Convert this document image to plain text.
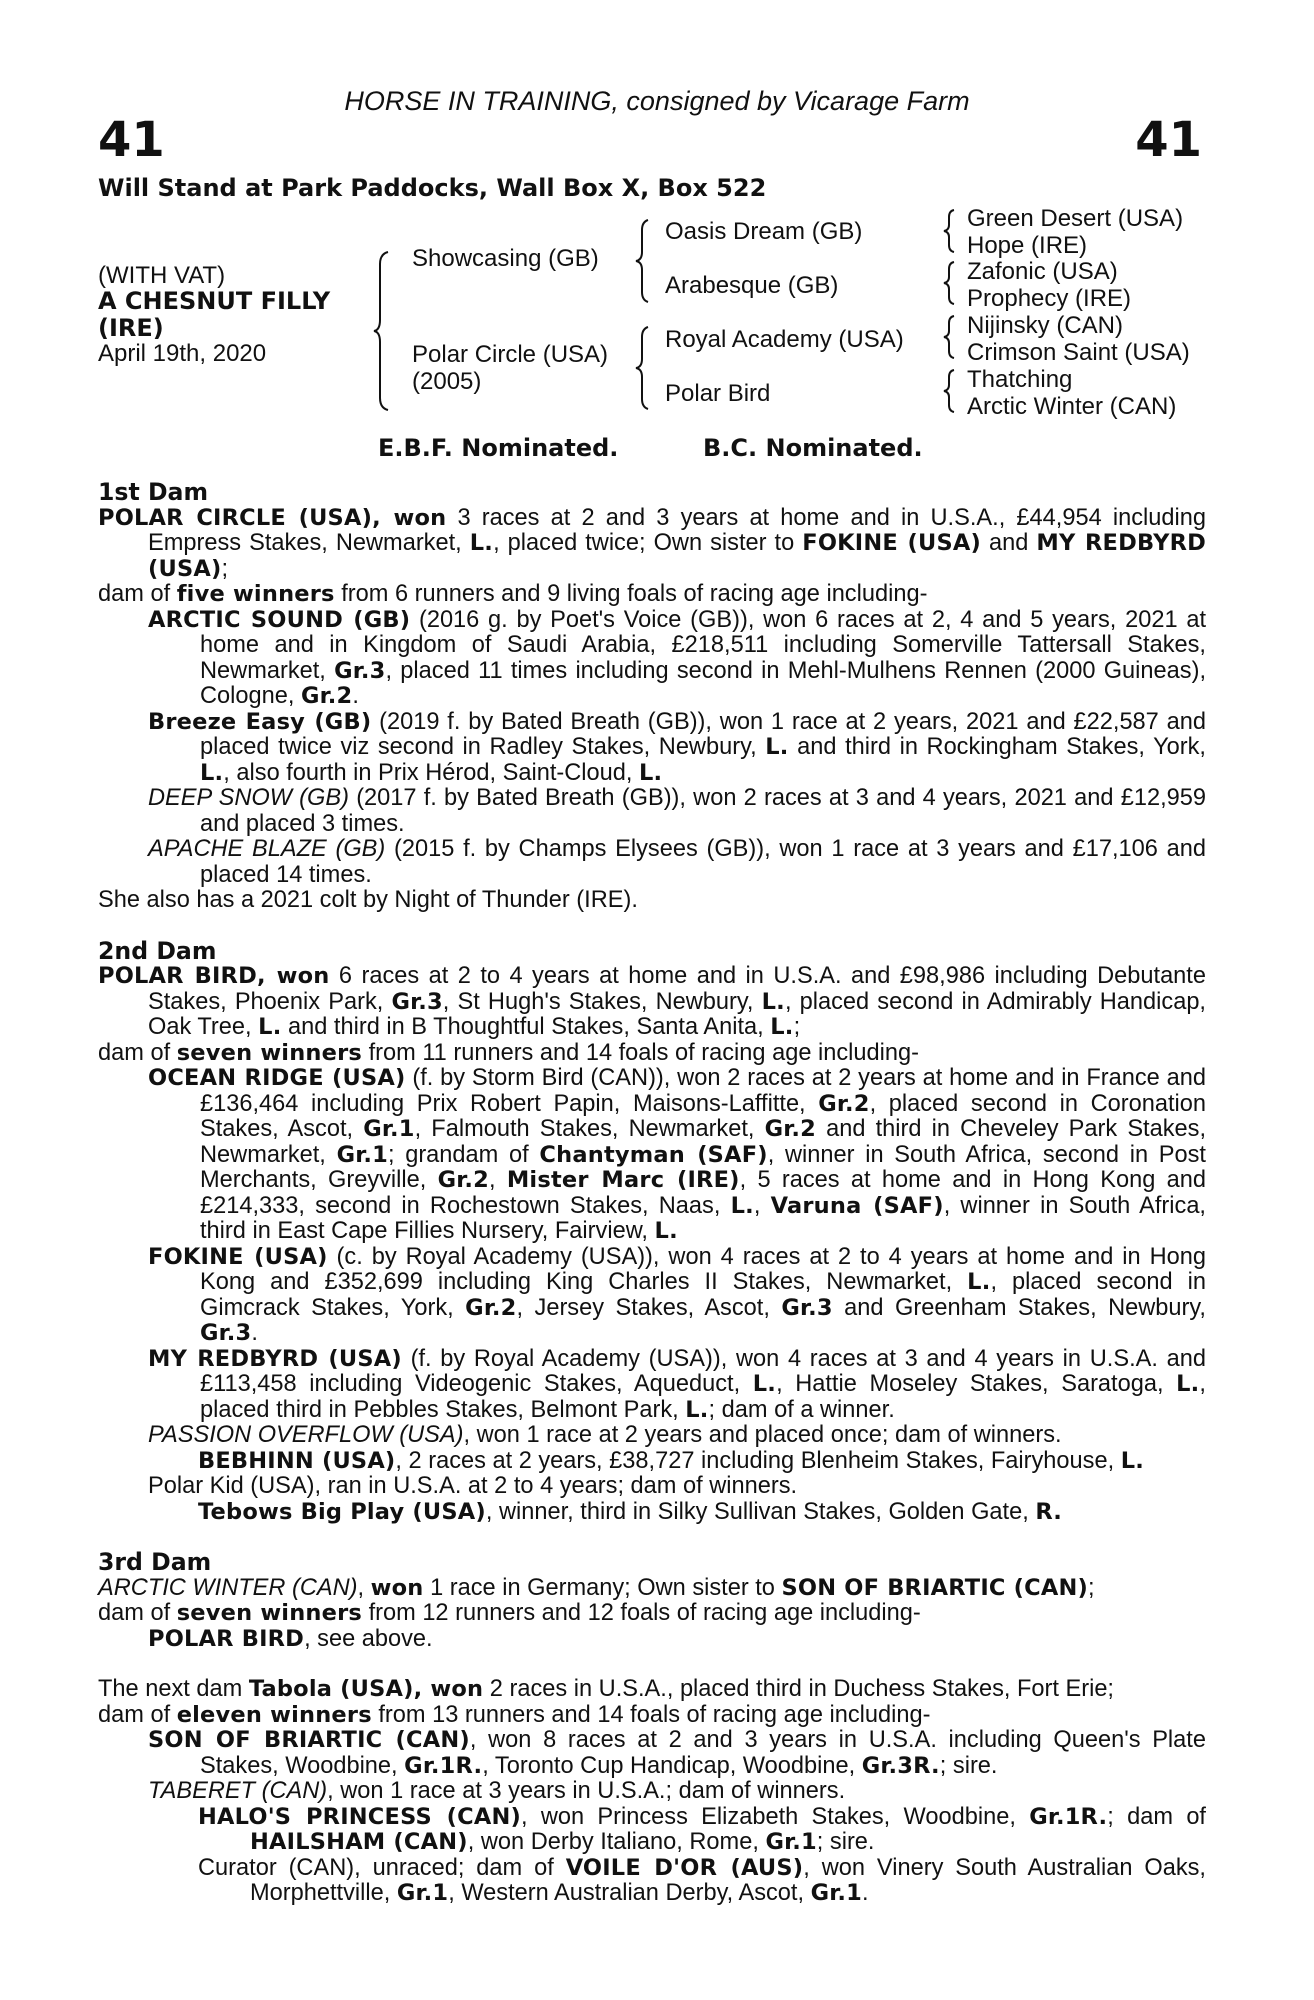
HORSE IN TRAINING, consigned by Vicarage Farm
41	41
Will Stand at Park Paddocks, Wall Box X, Box 522
(WITH VAT)
A CHESNUT FILLY
(IRE)
April 19th, 2020
Showcasing (GB)
Polar Circle (USA)
(2005)
Oasis Dream (GB)
Arabesque (GB)
Royal Academy (USA)
Polar Bird
Green Desert (USA)
Hope (IRE)
Zafonic (USA)
Prophecy (IRE)
Nijinsky (CAN)
Crimson Saint (USA)
Thatching
Arctic Winter (CAN)
E.B.F. Nominated.	B.C. Nominated.
1st Dam
POLAR CIRCLE (USA), won 3 races at 2 and 3 years at home and in U.S.A., £44,954 including Empress Stakes, Newmarket, L., placed twice; Own sister to FOKINE (USA) and MY REDBYRD (USA);
dam of five winners from 6 runners and 9 living foals of racing age including-
ARCTIC SOUND (GB) (2016 g. by Poet's Voice (GB)), won 6 races at 2, 4 and 5 years, 2021 at home and in Kingdom of Saudi Arabia, £218,511 including Somerville Tattersall Stakes, Newmarket, Gr.3, placed 11 times including second in Mehl-Mulhens Rennen (2000 Guineas), Cologne, Gr.2.
Breeze Easy (GB) (2019 f. by Bated Breath (GB)), won 1 race at 2 years, 2021 and £22,587 and placed twice viz second in Radley Stakes, Newbury, L. and third in Rockingham Stakes, York, L., also fourth in Prix Hérod, Saint-Cloud, L.
DEEP SNOW (GB) (2017 f. by Bated Breath (GB)), won 2 races at 3 and 4 years, 2021 and £12,959 and placed 3 times.
APACHE BLAZE (GB) (2015 f. by Champs Elysees (GB)), won 1 race at 3 years and £17,106 and placed 14 times.
She also has a 2021 colt by Night of Thunder (IRE).
2nd Dam
POLAR BIRD, won 6 races at 2 to 4 years at home and in U.S.A. and £98,986 including Debutante Stakes, Phoenix Park, Gr.3, St Hugh's Stakes, Newbury, L., placed second in Admirably Handicap, Oak Tree, L. and third in B Thoughtful Stakes, Santa Anita, L.;
dam of seven winners from 11 runners and 14 foals of racing age including-
OCEAN RIDGE (USA) (f. by Storm Bird (CAN)), won 2 races at 2 years at home and in France and £136,464 including Prix Robert Papin, Maisons-Laffitte, Gr.2, placed second in Coronation Stakes, Ascot, Gr.1, Falmouth Stakes, Newmarket, Gr.2 and third in Cheveley Park Stakes, Newmarket, Gr.1; grandam of Chantyman (SAF), winner in South Africa, second in Post Merchants, Greyville, Gr.2, Mister Marc (IRE), 5 races at home and in Hong Kong and £214,333, second in Rochestown Stakes, Naas, L., Varuna (SAF), winner in South Africa, third in East Cape Fillies Nursery, Fairview, L.
FOKINE (USA) (c. by Royal Academy (USA)), won 4 races at 2 to 4 years at home and in Hong Kong and £352,699 including King Charles II Stakes, Newmarket, L., placed second in Gimcrack Stakes, York, Gr.2, Jersey Stakes, Ascot, Gr.3 and Greenham Stakes, Newbury, Gr.3.
MY REDBYRD (USA) (f. by Royal Academy (USA)), won 4 races at 3 and 4 years in U.S.A. and £113,458 including Videogenic Stakes, Aqueduct, L., Hattie Moseley Stakes, Saratoga, L., placed third in Pebbles Stakes, Belmont Park, L.; dam of a winner.
PASSION OVERFLOW (USA), won 1 race at 2 years and placed once; dam of winners.
BEBHINN (USA), 2 races at 2 years, £38,727 including Blenheim Stakes, Fairyhouse, L.
Polar Kid (USA), ran in U.S.A. at 2 to 4 years; dam of winners.
Tebows Big Play (USA), winner, third in Silky Sullivan Stakes, Golden Gate, R.
3rd Dam
ARCTIC WINTER (CAN), won 1 race in Germany; Own sister to SON OF BRIARTIC (CAN);
dam of seven winners from 12 runners and 12 foals of racing age including-
POLAR BIRD, see above.
The next dam Tabola (USA), won 2 races in U.S.A., placed third in Duchess Stakes, Fort Erie;
dam of eleven winners from 13 runners and 14 foals of racing age including-
SON OF BRIARTIC (CAN), won 8 races at 2 and 3 years in U.S.A. including Queen's Plate Stakes, Woodbine, Gr.1R., Toronto Cup Handicap, Woodbine, Gr.3R.; sire.
TABERET (CAN), won 1 race at 3 years in U.S.A.; dam of winners.
HALO'S PRINCESS (CAN), won Princess Elizabeth Stakes, Woodbine, Gr.1R.; dam of HAILSHAM (CAN), won Derby Italiano, Rome, Gr.1; sire.
Curator (CAN), unraced; dam of VOILE D'OR (AUS), won Vinery South Australian Oaks, Morphettville, Gr.1, Western Australian Derby, Ascot, Gr.1.
